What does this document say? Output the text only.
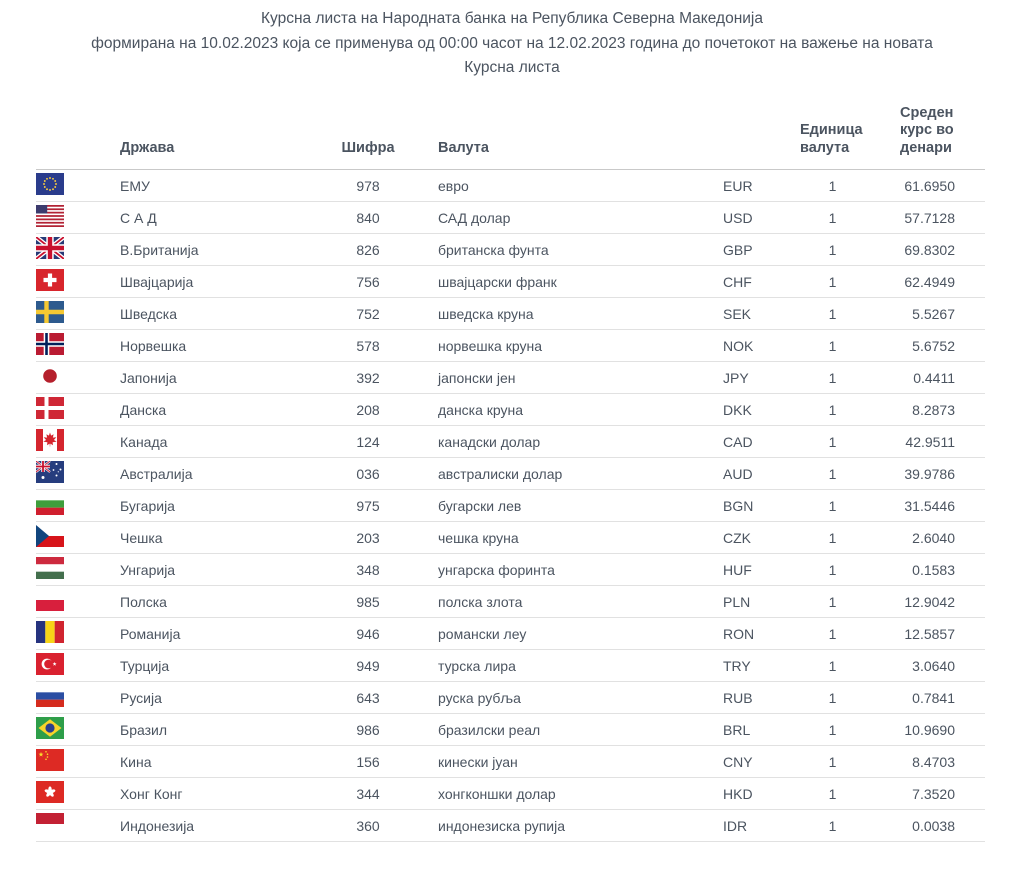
Курсна листа на Народната банка на Република Северна Македонија
формирана на 10.02.2023 која се применува од 00:00 часот на 12.02.2023 година до почетокот на важење на новата
Курсна листа
	Држава	Шифра	Валута		Единица валута	Среден курс во денари

	ЕМУ	978	евро	EUR	1	61.6950

	С А Д	840	САД долар	USD	1	57.7128

	В.Британија	826	британска фунта	GBP	1	69.8302

	Швајцарија	756	швајцарски франк	CHF	1	62.4949

	Шведска	752	шведска круна	SEK	1	5.5267

	Норвешка	578	норвешка круна	NOK	1	5.6752

	Јапонија	392	јапонски јен	JPY	1	0.4411

	Данска	208	данска круна	DKK	1	8.2873

	Канада	124	канадски долар	CAD	1	42.9511

	Австралија	036	австралиски долар	AUD	1	39.9786

	Бугарија	975	бугарски лев	BGN	1	31.5446

	Чешка	203	чешка круна	CZK	1	2.6040

	Унгарија	348	унгарска форинта	HUF	1	0.1583

	Полска	985	полска злота	PLN	1	12.9042

	Романија	946	романски леу	RON	1	12.5857

	Турција	949	турска лира	TRY	1	3.0640

	Русија	643	руска рубља	RUB	1	0.7841

	Бразил	986	бразилски реал	BRL	1	10.9690

	Кина	156	кинески јуан	CNY	1	8.4703

	Хонг Конг	344	хонгконшки долар	HKD	1	7.3520

	Индонезија	360	индонезиска рупија	IDR	1	0.0038
